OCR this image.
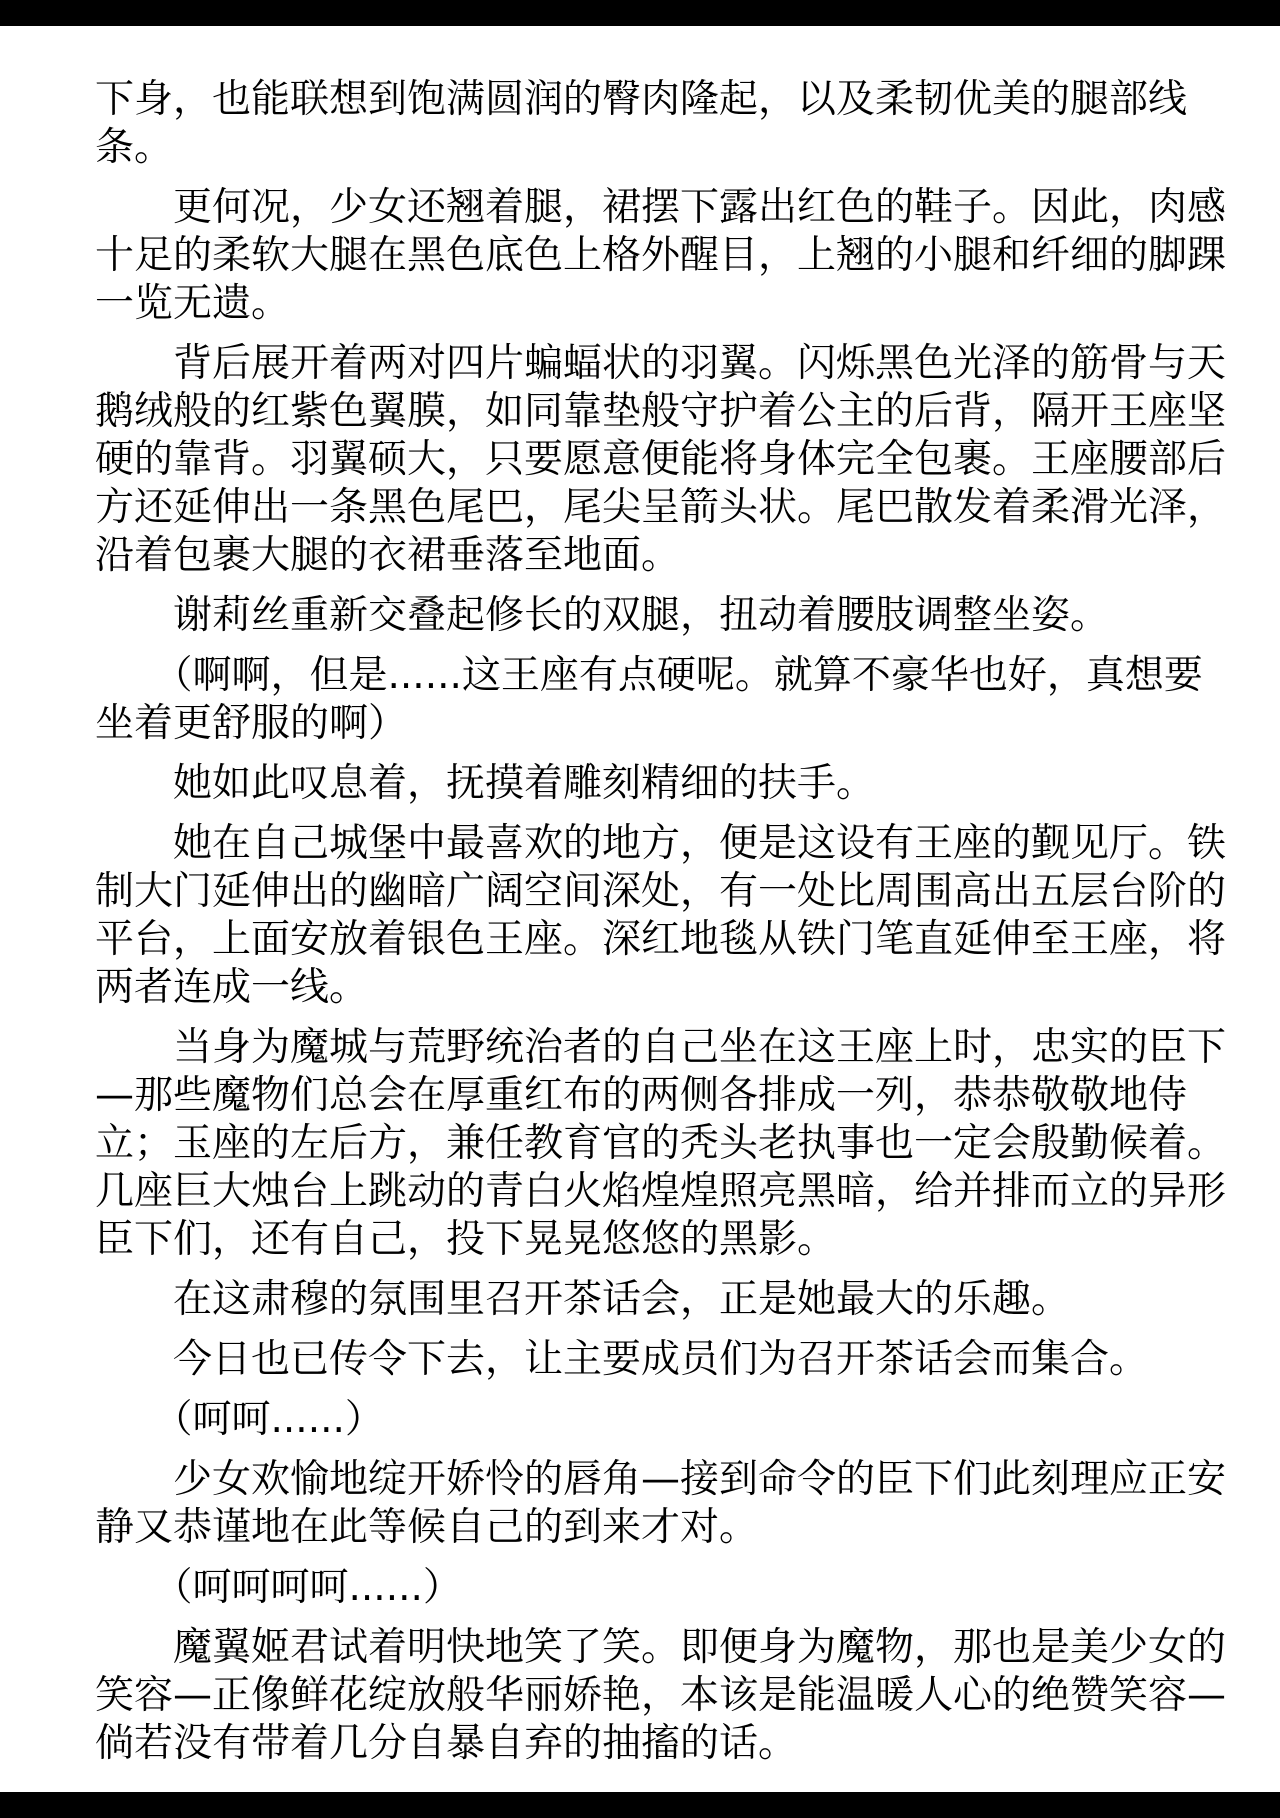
下身，也能联想到饱满圆润的臀肉隆起，以及柔韧优美的腿部线
条。
　　更何况，少女还翘着腿，裙摆下露出红色的鞋子。因此，肉感
十足的柔软大腿在黑色底色上格外醒目，上翘的小腿和纤细的脚踝
一览无遗。
　　背后展开着两对四片蝙蝠状的羽翼。闪烁黑色光泽的筋骨与天
鹅绒般的红紫色翼膜，如同靠垫般守护着公主的后背，隔开王座坚
硬的靠背。羽翼硕大，只要愿意便能将身体完全包裹。王座腰部后
方还延伸出一条黑色尾巴，尾尖呈箭头状。尾巴散发着柔滑光泽，
沿着包裹大腿的衣裙垂落至地面。
　　谢莉丝重新交叠起修长的双腿，扭动着腰肢调整坐姿。
　　（啊啊，但是......这王座有点硬呢。就算不豪华也好，真想要
坐着更舒服的啊）
　　她如此叹息着，抚摸着雕刻精细的扶手。
　　她在自己城堡中最喜欢的地方，便是这设有王座的觐见厅。铁
制大门延伸出的幽暗广阔空间深处，有一处比周围高出五层台阶的
平台，上面安放着银色王座。深红地毯从铁门笔直延伸至王座，将
两者连成一线。
　　当身为魔城与荒野统治者的自己坐在这王座上时，忠实的臣下
—那些魔物们总会在厚重红布的两侧各排成一列，恭恭敬敬地侍
立；玉座的左后方，兼任教育官的秃头老执事也一定会殷勤候着。
几座巨大烛台上跳动的青白火焰煌煌照亮黑暗，给并排而立的异形
臣下们，还有自己，投下晃晃悠悠的黑影。
　　在这肃穆的氛围里召开茶话会，正是她最大的乐趣。
　　今日也已传令下去，让主要成员们为召开茶话会而集合。
　　（呵呵......）
　　少女欢愉地绽开娇怜的唇角—接到命令的臣下们此刻理应正安
静又恭谨地在此等候自己的到来才对。
　　（呵呵呵呵......）
　　魔翼姬君试着明快地笑了笑。即便身为魔物，那也是美少女的
笑容—正像鲜花绽放般华丽娇艳，本该是能温暖人心的绝赞笑容—
倘若没有带着几分自暴自弃的抽搐的话。
